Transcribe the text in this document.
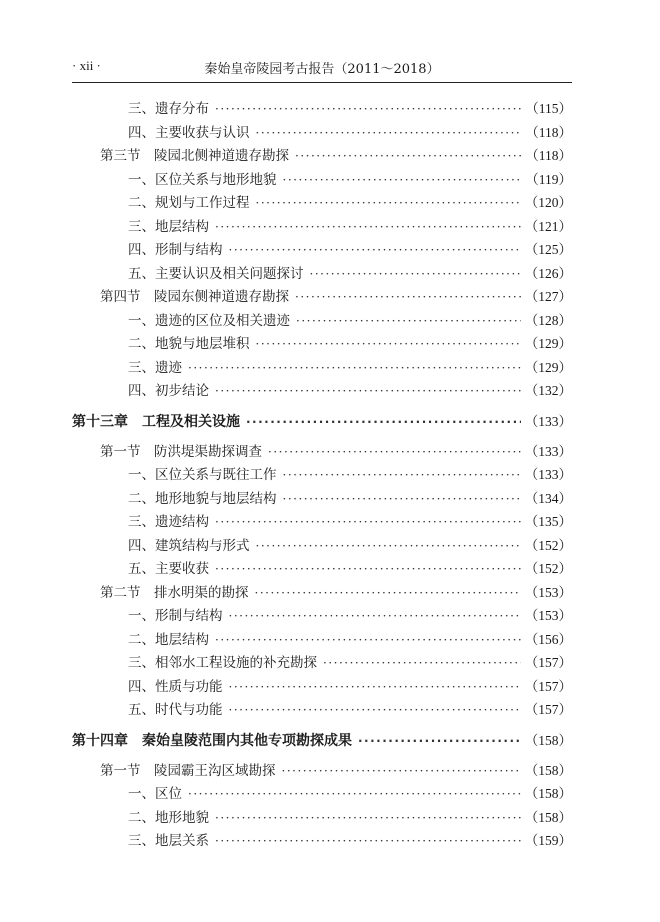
秦始皇帝陵园考古报告（2011～2018）
· xii ·
三、遗存分布 ·····	（115）
四、主要收获与认识 ·····	（118）
第三节　陵园北侧神道遗存勘探 ·····	（118）
一、区位关系与地形地貌 ·····	（119）
二、规划与工作过程 ·····	（120）
三、地层结构 ·····	（121）
四、形制与结构 ·····	（125）
五、主要认识及相关问题探讨 ·····	（126）
第四节　陵园东侧神道遗存勘探 ·····	（127）
一、遗迹的区位及相关遗迹 ·····	（128）
二、地貌与地层堆积 ·····	（129）
三、遗迹 ·····	（129）
四、初步结论 ·····	（132）
第十三章　工程及相关设施 ·····	（133）
第一节　防洪堤渠勘探调查 ·····	（133）
一、区位关系与既往工作 ·····	（133）
二、地形地貌与地层结构 ·····	（134）
三、遗迹结构 ·····	（135）
四、建筑结构与形式 ·····	（152）
五、主要收获 ·····	（152）
第二节　排水明渠的勘探 ·····	（153）
一、形制与结构 ·····	（153）
二、地层结构 ·····	（156）
三、相邻水工程设施的补充勘探 ·····	（157）
四、性质与功能 ·····	（157）
五、时代与功能 ·····	（157）
第十四章　秦始皇陵范围内其他专项勘探成果 ·····	（158）
第一节　陵园霸王沟区域勘探 ·····	（158）
一、区位 ·····	（158）
二、地形地貌 ·····	（158）
三、地层关系 ·····	（159）
